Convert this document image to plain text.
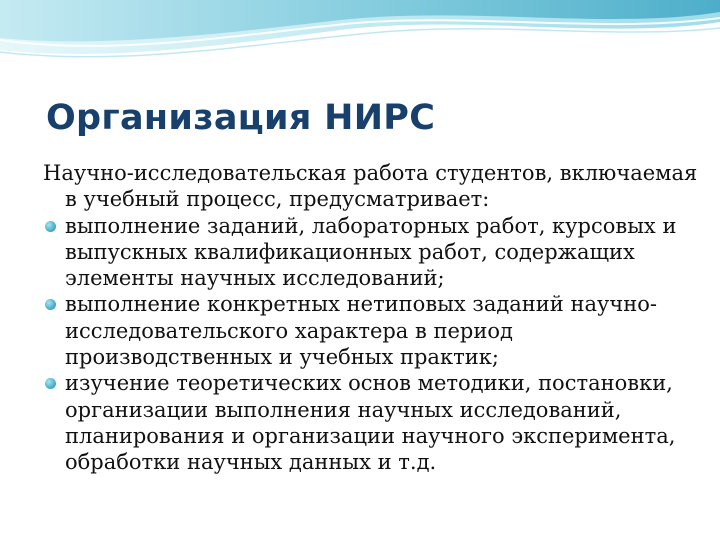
Организация НИРС

Научно-исследовательская работа студентов, включаемая в учебный процесс, предусматривает:

выполнение заданий, лабораторных работ, курсовых и выпускных квалификационных работ, содержащих элементы научных исследований;
выполнение конкретных нетиповых заданий научно-исследовательского характера в период производственных и учебных практик;
изучение теоретических основ методики, постановки, организации выполнения научных исследований, планирования и организации научного эксперимента, обработки научных данных и т.д.
